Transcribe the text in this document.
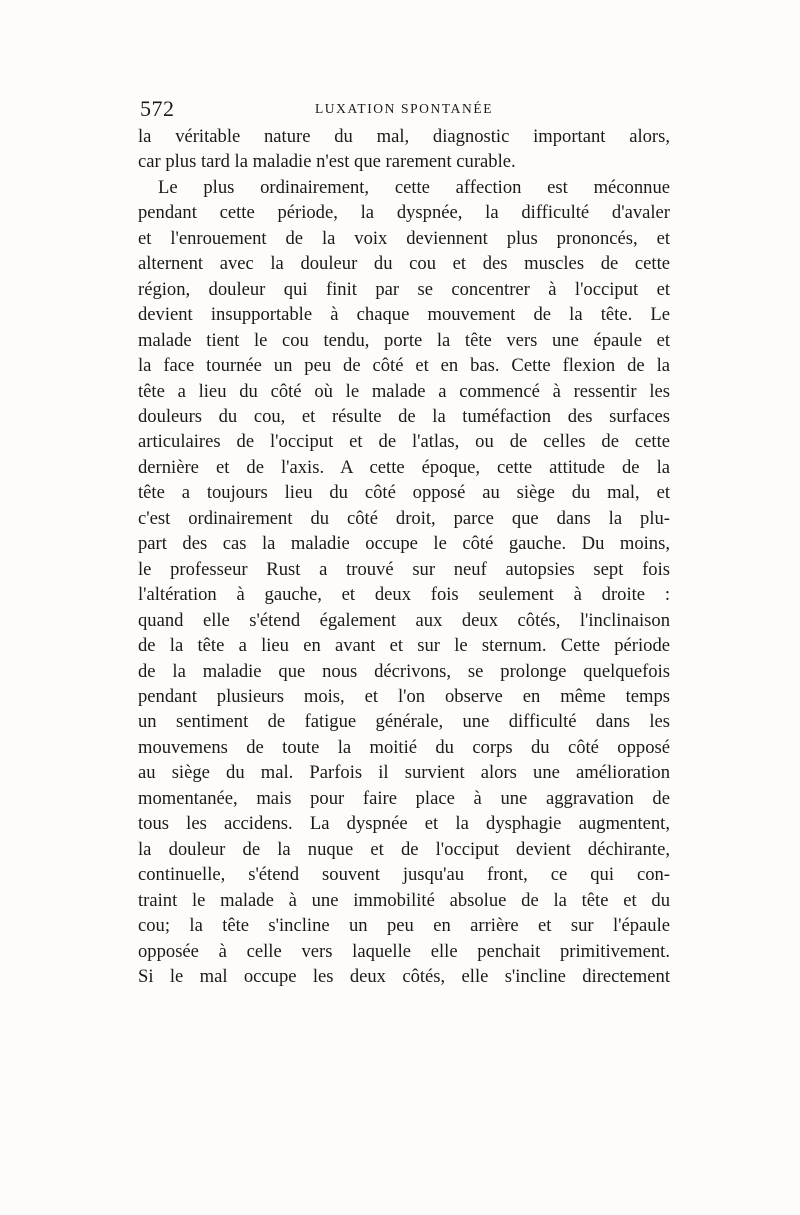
572	LUXATION SPONTANÉE
la véritable nature du mal, diagnostic important alors,
car plus tard la maladie n'est que rarement curable.
Le plus ordinairement, cette affection est méconnue
pendant cette période, la dyspnée, la difficulté d'avaler
et l'enrouement de la voix deviennent plus prononcés, et
alternent avec la douleur du cou et des muscles de cette
région, douleur qui finit par se concentrer à l'occiput et
devient insupportable à chaque mouvement de la tête. Le
malade tient le cou tendu, porte la tête vers une épaule et
la face tournée un peu de côté et en bas. Cette flexion de la
tête a lieu du côté où le malade a commencé à ressentir les
douleurs du cou, et résulte de la tuméfaction des surfaces
articulaires de l'occiput et de l'atlas, ou de celles de cette
dernière et de l'axis. A cette époque, cette attitude de la
tête a toujours lieu du côté opposé au siège du mal, et
c'est ordinairement du côté droit, parce que dans la plu-
part des cas la maladie occupe le côté gauche. Du moins,
le professeur Rust a trouvé sur neuf autopsies sept fois
l'altération à gauche, et deux fois seulement à droite :
quand elle s'étend également aux deux côtés, l'inclinaison
de la tête a lieu en avant et sur le sternum. Cette période
de la maladie que nous décrivons, se prolonge quelquefois
pendant plusieurs mois, et l'on observe en même temps
un sentiment de fatigue générale, une difficulté dans les
mouvemens de toute la moitié du corps du côté opposé
au siège du mal. Parfois il survient alors une amélioration
momentanée, mais pour faire place à une aggravation de
tous les accidens. La dyspnée et la dysphagie augmentent,
la douleur de la nuque et de l'occiput devient déchirante,
continuelle, s'étend souvent jusqu'au front, ce qui con-
traint le malade à une immobilité absolue de la tête et du
cou; la tête s'incline un peu en arrière et sur l'épaule
opposée à celle vers laquelle elle penchait primitivement.
Si le mal occupe les deux côtés, elle s'incline directement
